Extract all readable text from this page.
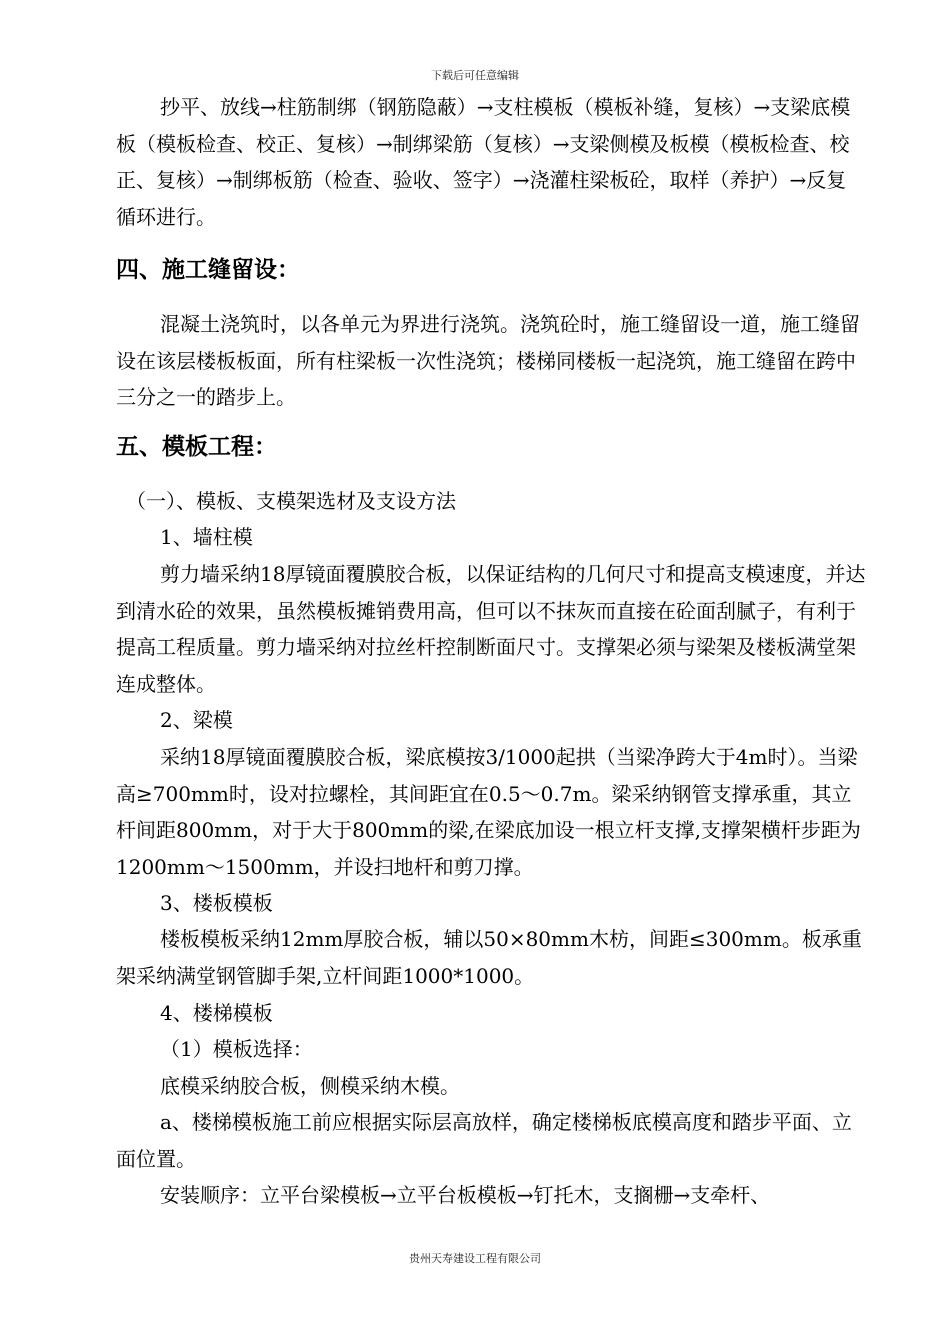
下载后可任意编辑

抄平、放线→柱筋制绑（钢筋隐蔽）→支柱模板（模板补缝，复核）→支梁底模板（模板检查、校正、复核）→制绑梁筋（复核）→支梁侧模及板模（模板检查、校正、复核）→制绑板筋（检查、验收、签字）→浇灌柱梁板砼，取样（养护）→反复循环进行。

四、施工缝留设：

混凝土浇筑时，以各单元为界进行浇筑。浇筑砼时，施工缝留设一道，施工缝留设在该层楼板板面，所有柱梁板一次性浇筑；楼梯同楼板一起浇筑，施工缝留在跨中三分之一的踏步上。

五、模板工程：

（一）、模板、支模架选材及支设方法

1、墙柱模

剪力墙采纳18厚镜面覆膜胶合板，以保证结构的几何尺寸和提高支模速度，并达到清水砼的效果，虽然模板摊销费用高，但可以不抹灰而直接在砼面刮腻子，有利于提高工程质量。剪力墙采纳对拉丝杆控制断面尺寸。支撑架必须与梁架及楼板满堂架连成整体。

2、梁模

采纳18厚镜面覆膜胶合板，梁底模按3/1000起拱（当梁净跨大于4m时）。当梁高≥700mm时，设对拉螺栓，其间距宜在0.5～0.7m。梁采纳钢管支撑承重，其立杆间距800mm，对于大于800mm的梁,在梁底加设一根立杆支撑,支撑架横杆步距为1200mm～1500mm，并设扫地杆和剪刀撑。

3、楼板模板

楼板模板采纳12mm厚胶合板，辅以50×80mm木枋，间距≤300mm。板承重架采纳满堂钢管脚手架,立杆间距1000*1000。

4、楼梯模板

（1）模板选择：

底模采纳胶合板，侧模采纳木模。

a、楼梯模板施工前应根据实际层高放样，确定楼梯板底模高度和踏步平面、立面位置。

安装顺序：立平台梁模板→立平台板模板→钉托木，支搁栅→支牵杆、

贵州天寿建设工程有限公司
